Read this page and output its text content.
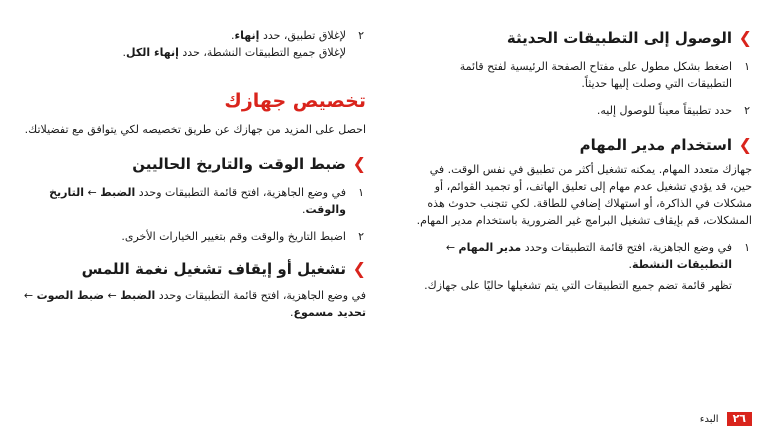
❯
الوصول إلى التطبيقات الحديثة

١
اضغط بشكل مطول على مفتاح الصفحة الرئيسية لفتح قائمة التطبيقات التي وصلت إليها حديثاً.

٢
حدد تطبيقاً معيناً للوصول إليه.

❯
استخدام مدير المهام

جهازك متعدد المهام. يمكنه تشغيل أكثر من تطبيق في نفس الوقت. في حين، قد يؤدي تشغيل عدم مهام إلى تعليق الهاتف، أو تجميد القوائم، أو مشكلات في الذاكرة، أو استهلاك إضافي للطاقة. لكي تتجنب حدوث هذه المشكلات، قم بإيقاف تشغيل البرامج غير الضرورية باستخدام مدير المهام.

١
في وضع الجاهزية، افتح قائمة التطبيقات وحدد مدير المهام ← التطبيقات النشطة.

تظهر قائمة تضم جميع التطبيقات التي يتم تشغيلها حاليًا على جهازك.

٢
لإغلاق تطبيق، حدد إنهاء.
لإغلاق جميع التطبيقات النشطة، حدد إنهاء الكل.

تخصيص جهازك

احصل على المزيد من جهازك عن طريق تخصيصه لكي يتوافق مع تفضيلاتك.

❯
ضبط الوقت والتاريخ الحاليين

١
في وضع الجاهزية، افتح قائمة التطبيقات وحدد الضبط ← التاريخ والوقت.

٢
اضبط التاريخ والوقت وقم بتغيير الخيارات الأخرى.

❯
تشغيل أو إيقاف تشغيل نغمة اللمس

في وضع الجاهزية، افتح قائمة التطبيقات وحدد الضبط ← ضبط الصوت ← تحديد مسموع.

٢٦
البدء
